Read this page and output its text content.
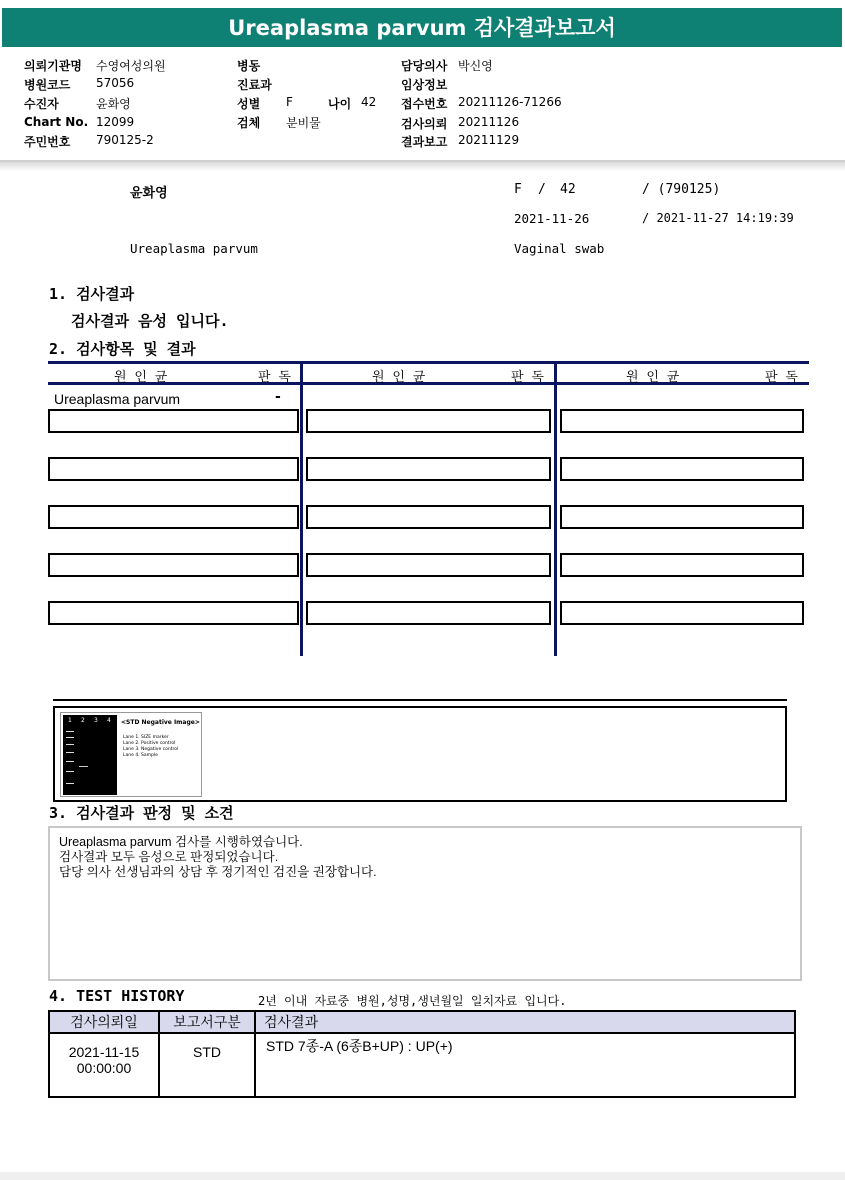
Ureaplasma parvum 검사결과보고서
의뢰기관명 수영여성의원
병원코드 57056
수진자	윤화영
Chart No. 12099
주민번호 790125-2
병동
진료과
성별 F	나이 42
검체 분비물
담당의사 박신영
임상정보
접수번호 20211126-71266
검사의뢰 20211126
결과보고 20211129
윤화영	F / 42	/ (790125)
2021-11-26	/ 2021-11-27 14:19:39
Ureaplasma parvum	Vaginal swab
1. 검사결과
검사결과 음성 입니다.
2. 검사항목 및 결과
원 인 균	판 독	원 인 균	판 독	원 인 균	판 독
Ureaplasma parvum	-
1 2 3 4 <STD Negative Image>
Lane 1. SIZE marker
Lane 2. Positive control
Lane 3. Negative control
Lane 4. Sample
3. 검사결과 판정 및 소견
Ureaplasma parvum 검사를 시행하였습니다.
검사결과 모두 음성으로 판정되었습니다.
담당 의사 선생님과의 상담 후 정기적인 검진을 권장합니다.
4. TEST HISTORY	2년 이내 자료중 병원,성명,생년월일 일치자료 입니다.
검사의뢰일	보고서구분	검사결과

2021-11-15
00:00:00	STD	STD 7종-A (6종B+UP) : UP(+)
